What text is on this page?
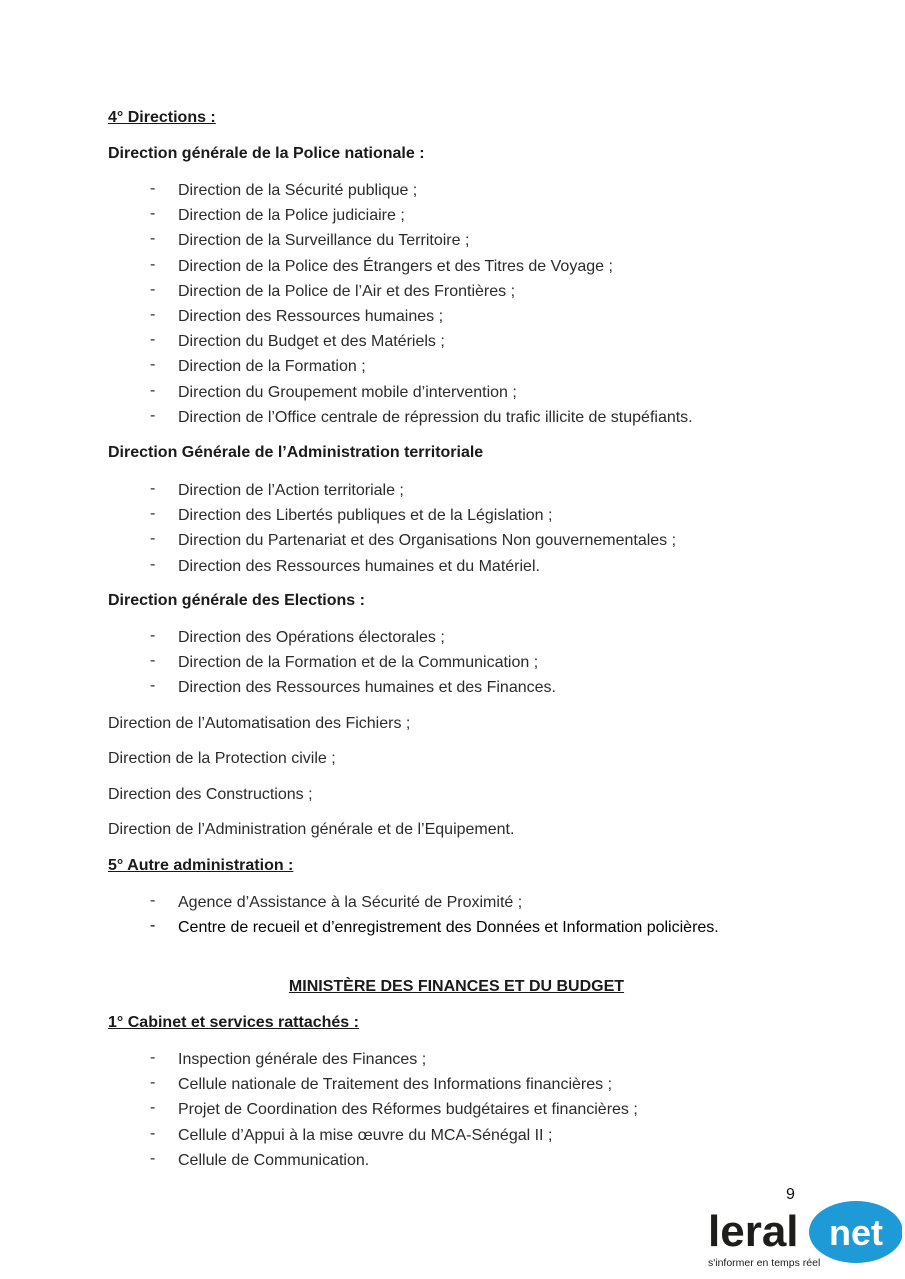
4° Directions :
Direction générale de la Police nationale :
- Direction de la Sécurité publique ;
- Direction de la Police judiciaire ;
- Direction de la Surveillance du Territoire ;
- Direction de la Police des Étrangers et des Titres de Voyage ;
- Direction de la Police de l’Air et des Frontières ;
- Direction des Ressources humaines ;
- Direction du Budget et des Matériels ;
- Direction de la Formation ;
- Direction du Groupement mobile d’intervention ;
- Direction de l’Office centrale de répression du trafic illicite de stupéfiants.
Direction Générale de l’Administration territoriale
- Direction de l’Action territoriale ;
- Direction des Libertés publiques et de la Législation ;
- Direction du Partenariat et des Organisations Non gouvernementales ;
- Direction des Ressources humaines et du Matériel.
Direction générale des Elections :
- Direction des Opérations électorales ;
- Direction de la Formation et de la Communication ;
- Direction des Ressources humaines et des Finances.
Direction de l’Automatisation des Fichiers ;
Direction de la Protection civile ;
Direction des Constructions ;
Direction de l’Administration générale et de l’Equipement.
5° Autre administration :
- Agence d’Assistance à la Sécurité de Proximité ;
- Centre de recueil et d’enregistrement des Données et Information policières.
MINISTÈRE DES FINANCES ET DU BUDGET
1° Cabinet et services rattachés :
- Inspection générale des Finances ;
- Cellule nationale de Traitement des Informations financières ;
- Projet de Coordination des Réformes budgétaires et financières ;
- Cellule d’Appui à la mise œuvre du MCA-Sénégal II ;
- Cellule de Communication.
9
leral net
s'informer en temps réel
